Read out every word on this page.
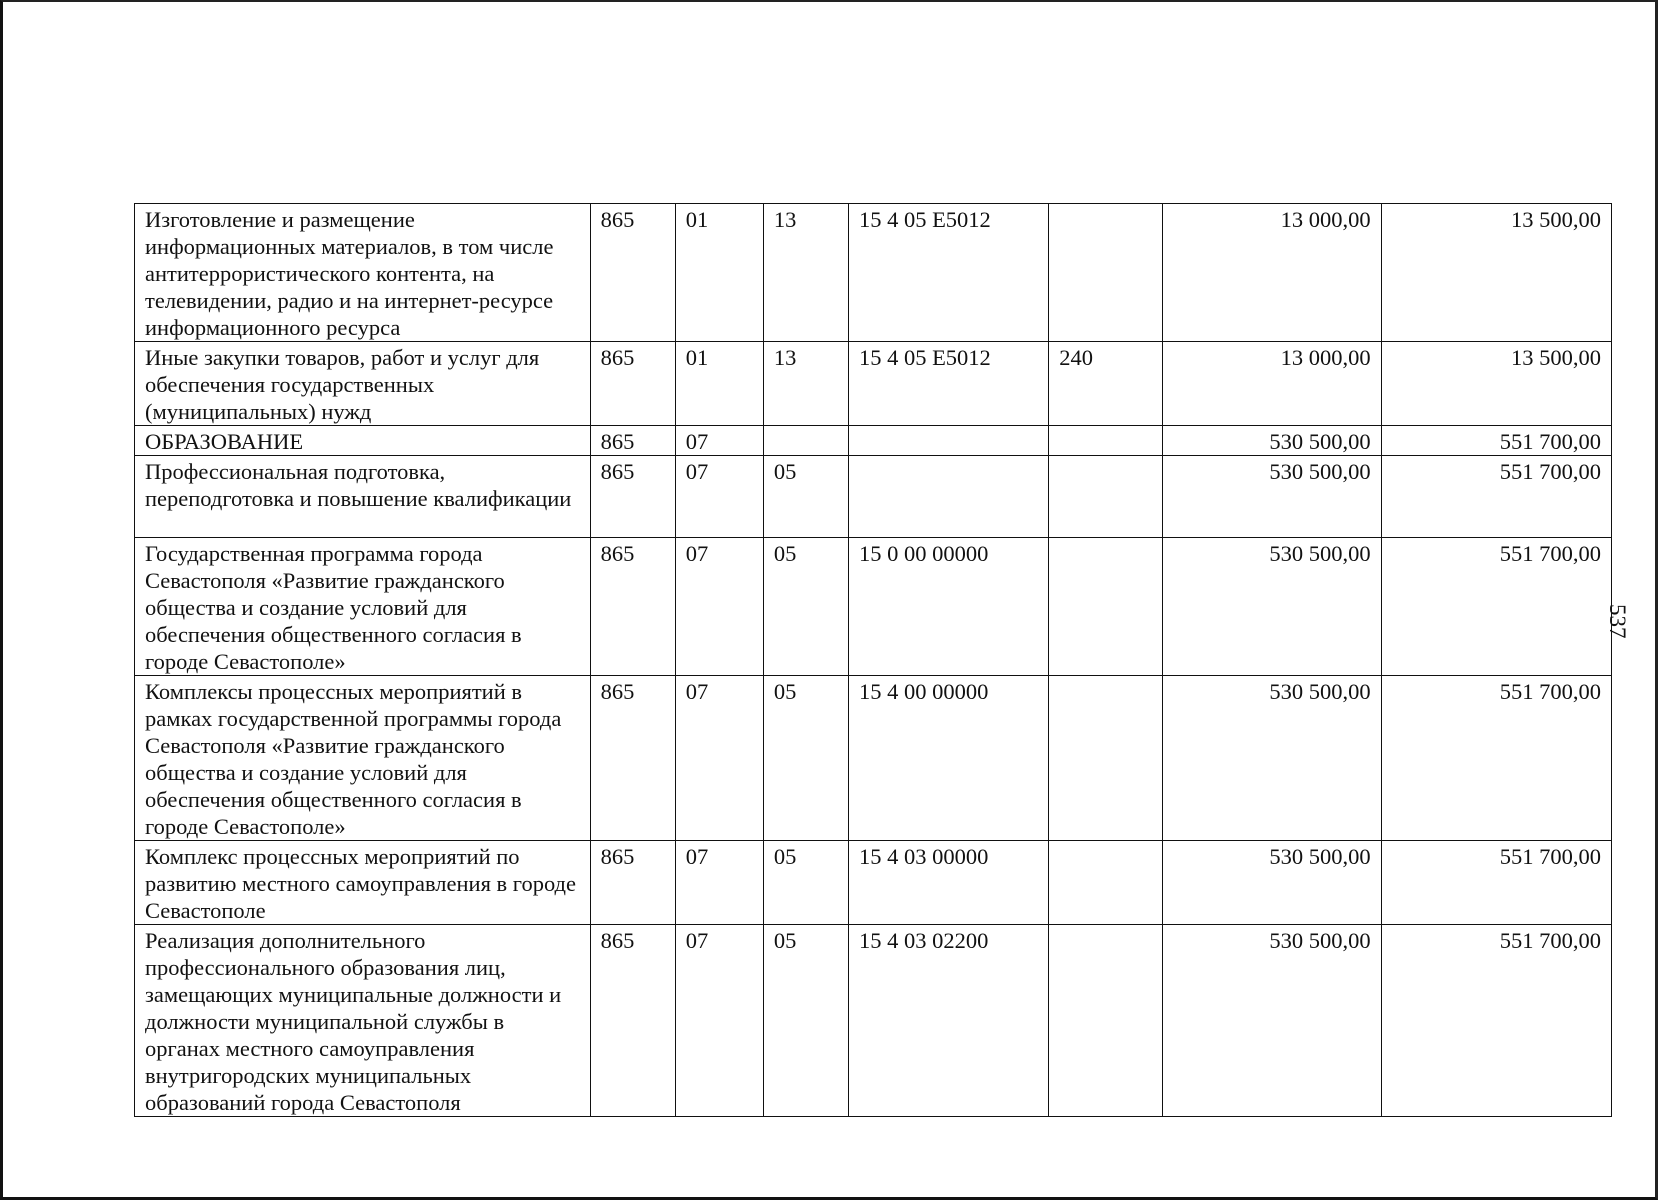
Изготовление и размещение информационных материалов, в том числе антитеррористического контента, на телевидении, радио и на интернет-ресурсе информационного ресурса	865	01	13	15 4 05 Е5012		13 000,00	13 500,00
Иные закупки товаров, работ и услуг для обеспечения государственных (муниципальных) нужд	865	01	13	15 4 05 Е5012	240	13 000,00	13 500,00
ОБРАЗОВАНИЕ	865	07				530 500,00	551 700,00
Профессиональная подготовка, переподготовка и повышение квалификации	865	07	05			530 500,00	551 700,00
Государственная программа города Севастополя «Развитие гражданского общества и создание условий для обеспечения общественного согласия в городе Севастополе»	865	07	05	15 0 00 00000		530 500,00	551 700,00
Комплексы процессных мероприятий в рамках государственной программы города Севастополя «Развитие гражданского общества и создание условий для обеспечения общественного согласия в городе Севастополе»	865	07	05	15 4 00 00000		530 500,00	551 700,00
Комплекс процессных мероприятий по развитию местного самоуправления в городе Севастополе	865	07	05	15 4 03 00000		530 500,00	551 700,00
Реализация дополнительного профессионального образования лиц, замещающих муниципальные должности и должности муниципальной службы в органах местного самоуправления внутригородских муниципальных образований города Севастополя	865	07	05	15 4 03 02200		530 500,00	551 700,00
537
